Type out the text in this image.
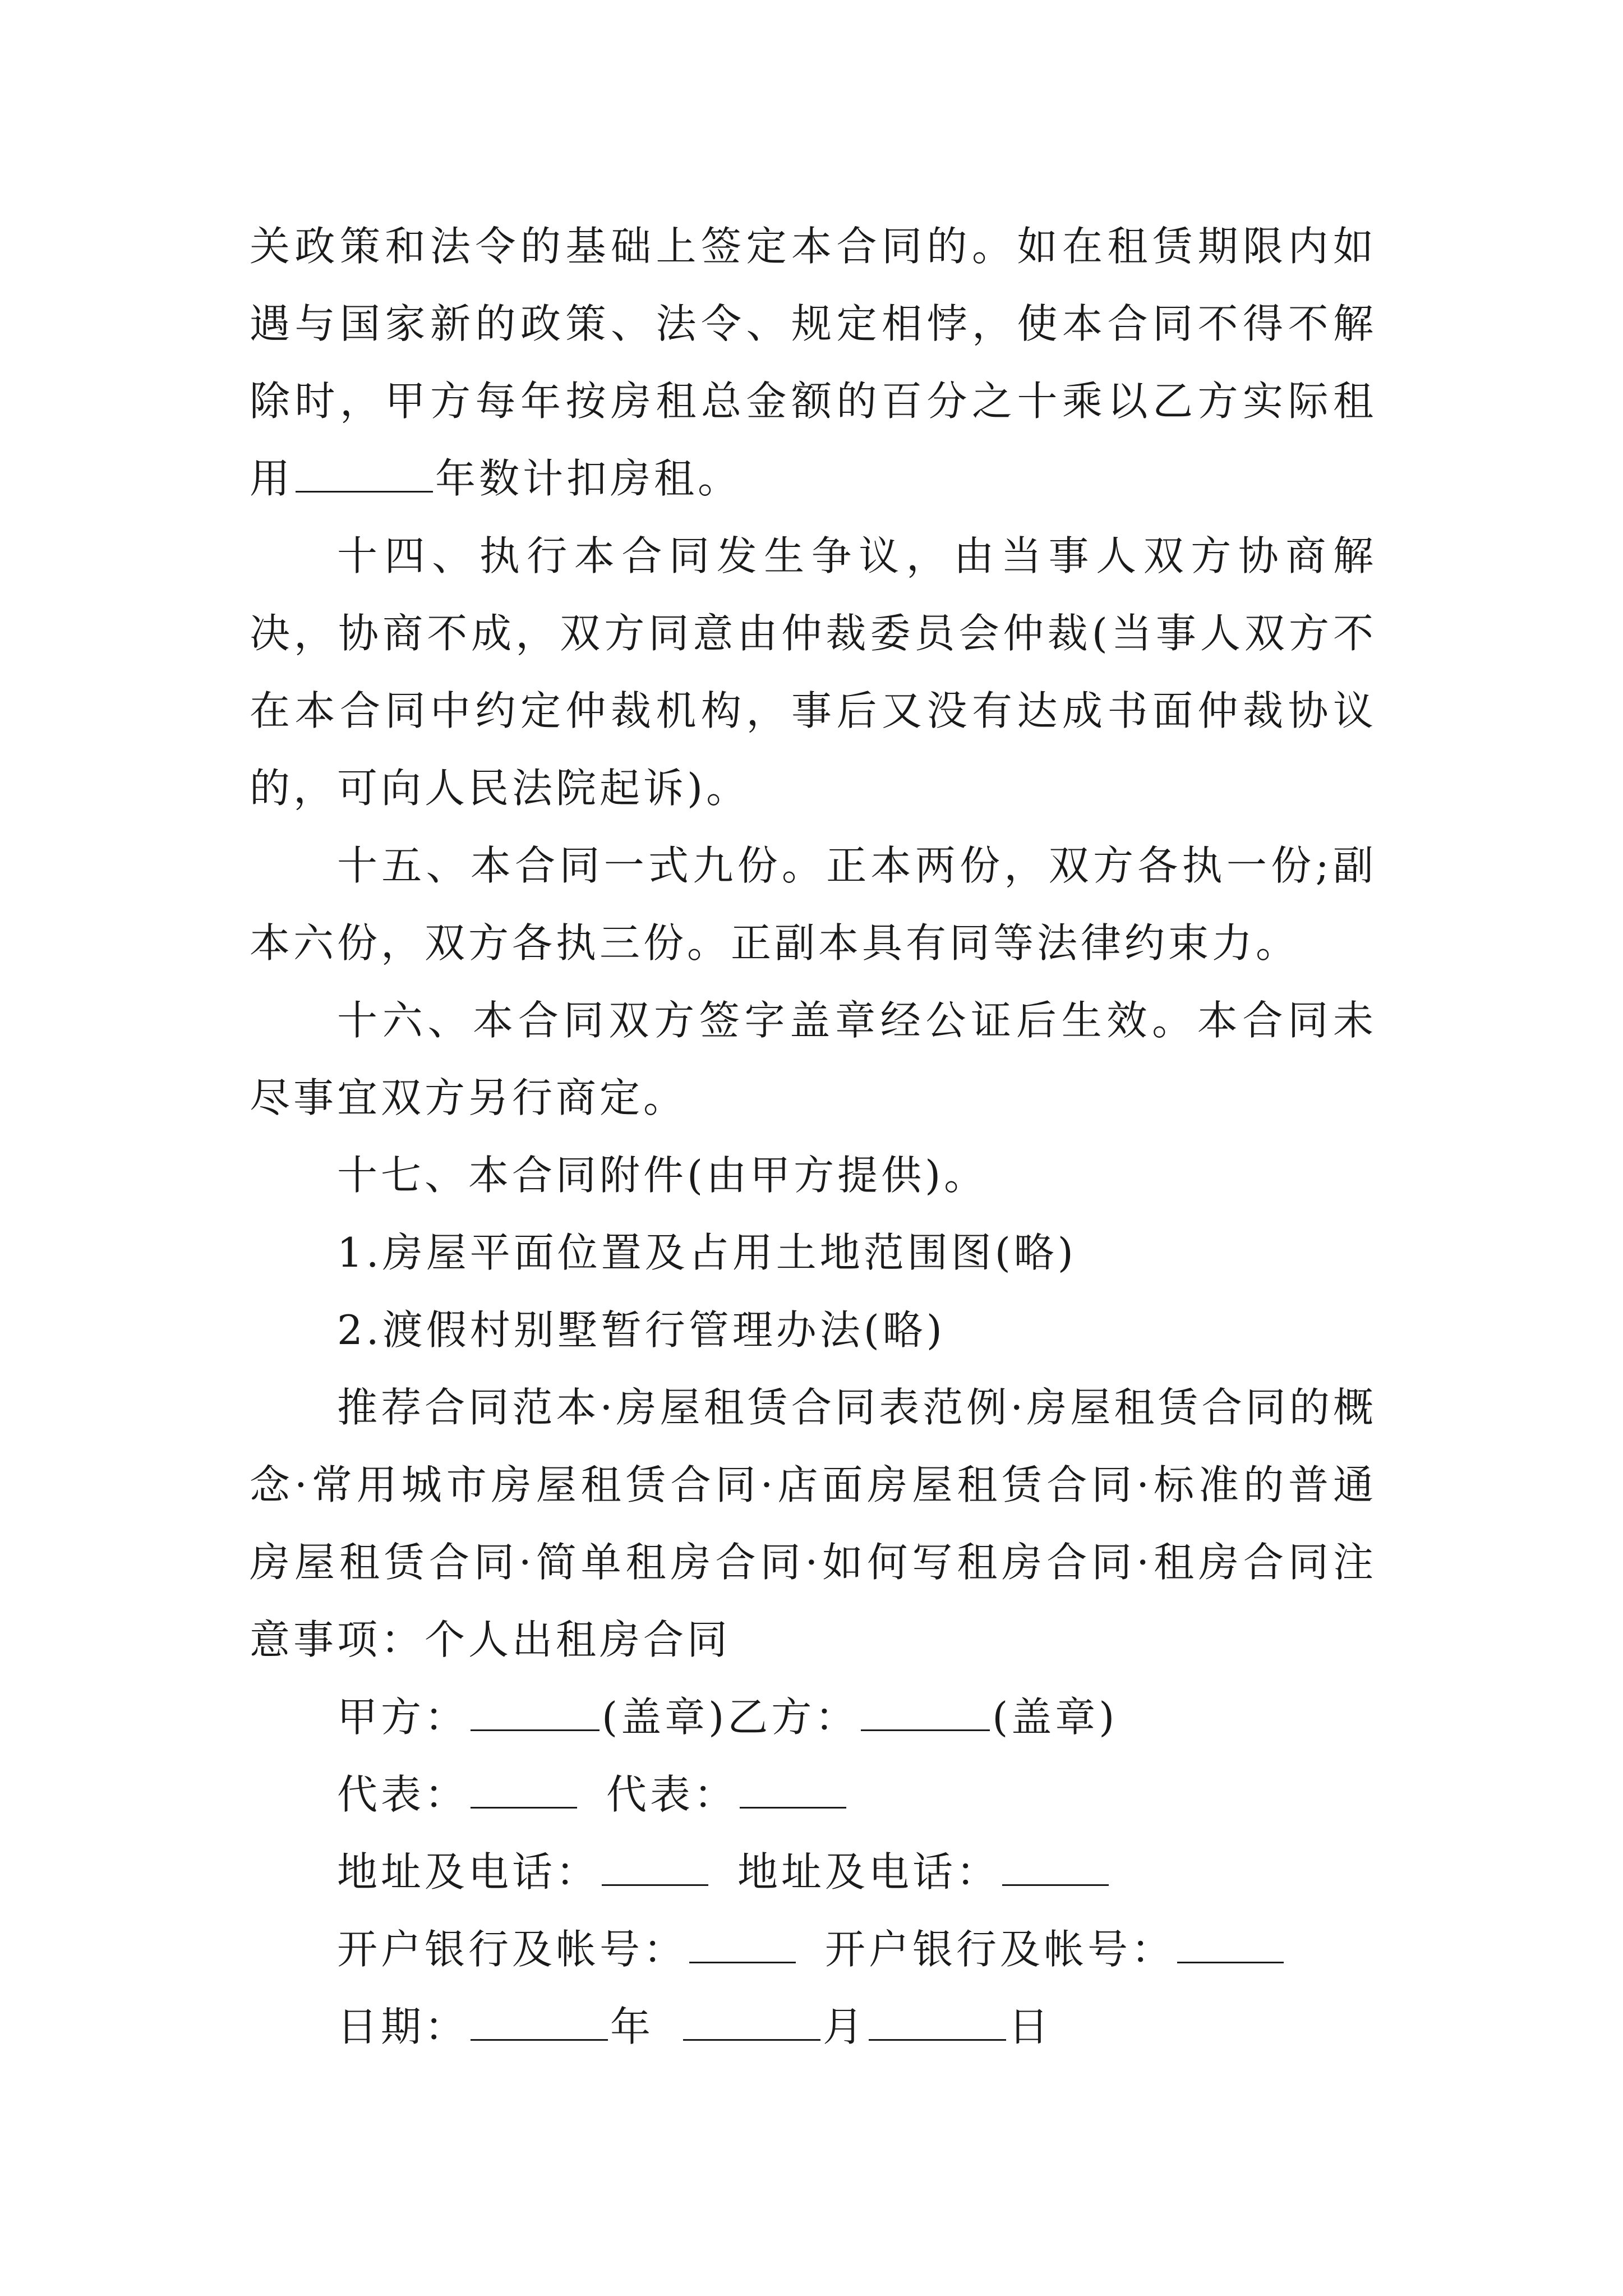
关政策和法令的基础上签定本合同的。如在租赁期限内如遇与国家新的政策、法令、规定相悖，使本合同不得不解除时，甲方每年按房租总金额的百分之十乘以乙方实际租用	年数计扣房租。

十四、执行本合同发生争议，由当事人双方协商解决，协商不成，双方同意由仲裁委员会仲裁(当事人双方不在本合同中约定仲裁机构，事后又没有达成书面仲裁协议的，可向人民法院起诉)。

十五、本合同一式九份。正本两份，双方各执一份;副本六份，双方各执三份。正副本具有同等法律约束力。

十六、本合同双方签字盖章经公证后生效。本合同未尽事宜双方另行商定。

十七、本合同附件(由甲方提供)。

1.房屋平面位置及占用土地范围图(略)

2.渡假村别墅暂行管理办法(略)

推荐合同范本·房屋租赁合同表范例·房屋租赁合同的概念·常用城市房屋租赁合同·店面房屋租赁合同·标准的普通房屋租赁合同·简单租房合同·如何写租房合同·租房合同注意事项：个人出租房合同

甲方：	(盖章)乙方：	(盖章)
代表：	代表：
地址及电话：	地址及电话：
开户银行及帐号：	开户银行及帐号：
日期：	年	月	日
